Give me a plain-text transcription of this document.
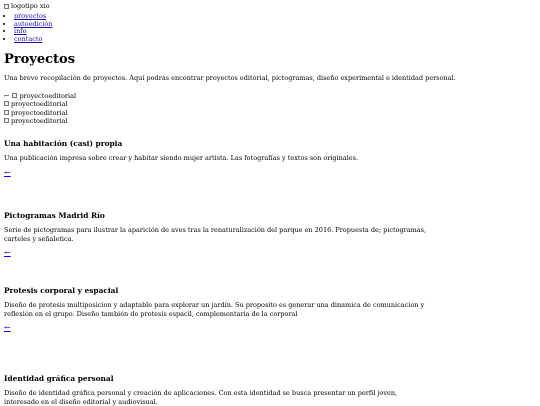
logotipo xio
• proyectos
• autoedición
• info
• contacto
Proyectos

Una breve recopilación de proyectos. Aquí podrás encontrar proyectos editorial, pictogramas, diseño experimental e identidad personal.

← proyectoeditorial
proyectoeditorial
proyectoeditorial
proyectoeditorial
Una habitación (casi) propia

Una publicación impresa sobre crear y habitar siendo mujer artista. Las fotografías y textos son originales.

←
Pictogramas Madrid Río

Serie de pictogramas para ilustrar la aparición de aves tras la renaturalización del parque en 2016. Propuesta de; pictogramas, carteles y señaletica.

←
Protesis corporal y espacial

Diseño de protesis multiposicion y adaptable para explorar un jardín. Su proposito es generar una dinamica de comunicacion y reflexión en el grupo. Diseño también de protesis espacil, complementaria de la corporal

←
Identidad gráfica personal

Diseño de identidad gráfica personal y creación de aplicaciones. Con esta identidad se busca presentar un perfil joven, interesado en el diseño editorial y audiovisual.
